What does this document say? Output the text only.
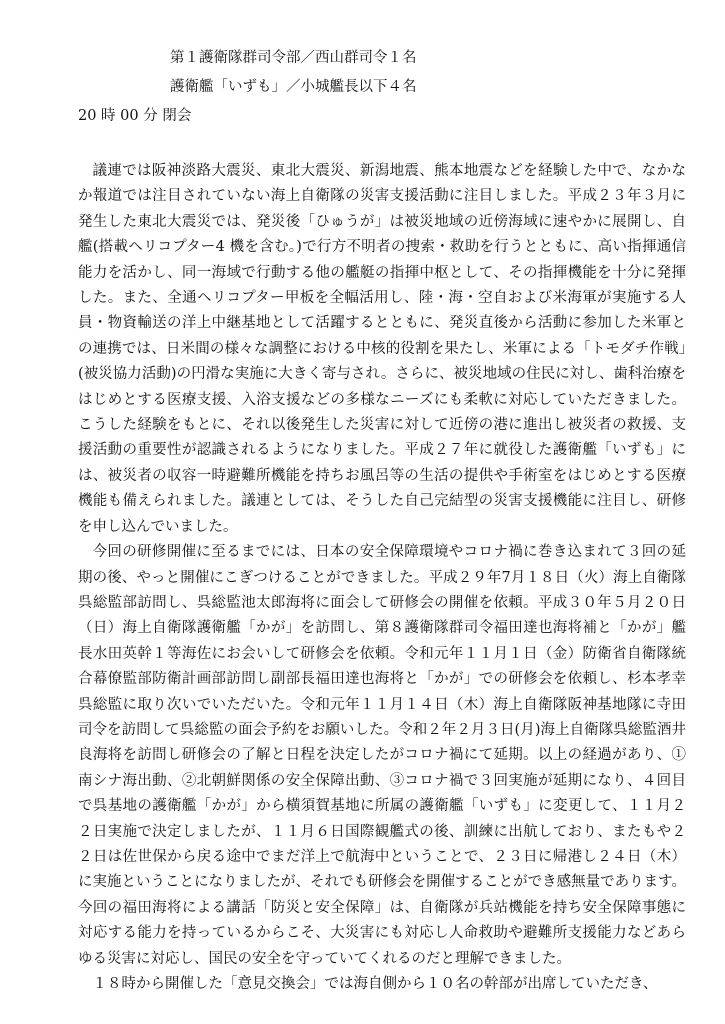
第１護衛隊群司令部／西山群司令１名
護衛艦「いずも」／小城艦長以下４名
20 時 00 分 閉会

議連では阪神淡路大震災、東北大震災、新潟地震、熊本地震などを経験した中で、なかなか報道では注目されていない海上自衛隊の災害支援活動に注目しました。平成２３年３月に発生した東北大震災では、発災後「ひゅうが」は被災地域の近傍海域に速やかに展開し、自艦(搭載ヘリコプター4 機を含む。)で行方不明者の捜索・救助を行うとともに、高い指揮通信能力を活かし、同一海域で行動する他の艦艇の指揮中枢として、その指揮機能を十分に発揮した。また、全通ヘリコプター甲板を全幅活用し、陸・海・空自および米海軍が実施する人員・物資輸送の洋上中継基地として活躍するとともに、発災直後から活動に参加した米軍との連携では、日米間の様々な調整における中核的役割を果たし、米軍による「トモダチ作戦」(被災協力活動)の円滑な実施に大きく寄与され。さらに、被災地域の住民に対し、歯科治療をはじめとする医療支援、入浴支援などの多様なニーズにも柔軟に対応していただきました。こうした経験をもとに、それ以後発生した災害に対して近傍の港に進出し被災者の救援、支援活動の重要性が認識されるようになりました。平成２７年に就役した護衛艦「いずも」には、被災者の収容一時避難所機能を持ちお風呂等の生活の提供や手術室をはじめとする医療機能も備えられました。議連としては、そうした自己完結型の災害支援機能に注目し、研修を申し込んでいました。

今回の研修開催に至るまでには、日本の安全保障環境やコロナ禍に巻き込まれて３回の延期の後、やっと開催にこぎつけることができました。平成２９年7月１８日（火）海上自衛隊呉総監部訪問し、呉総監池太郎海将に面会して研修会の開催を依頼。平成３０年５月２０日（日）海上自衛隊護衛艦「かが」を訪問し、第８護衛隊群司令福田達也海将補と「かが」艦長水田英幹１等海佐にお会いして研修会を依頼。令和元年１１月１日（金）防衛省自衛隊統合幕僚監部防衛計画部訪問し副部長福田達也海将と「かが」での研修会を依頼し、杉本孝幸呉総監に取り次いでいただいた。令和元年１１月１４日（木）海上自衛隊阪神基地隊に寺田司令を訪問して呉総監の面会予約をお願いした。令和２年２月３日(月)海上自衛隊呉総監酒井良海将を訪問し研修会の了解と日程を決定したがコロナ禍にて延期。以上の経過があり、①南シナ海出動、②北朝鮮関係の安全保障出動、③コロナ禍で３回実施が延期になり、４回目で呉基地の護衛艦「かが」から横須賀基地に所属の護衛艦「いずも」に変更して、１１月２２日実施で決定しましたが、１１月６日国際観艦式の後、訓練に出航しており、またもや２２日は佐世保から戻る途中でまだ洋上で航海中ということで、２３日に帰港し２４日（木）に実施ということになりましたが、それでも研修会を開催することができ感無量であります。今回の福田海将による講話「防災と安全保障」は、自衛隊が兵站機能を持ち安全保障事態に対応する能力を持っているからこそ、大災害にも対応し人命救助や避難所支援能力などあらゆる災害に対応し、国民の安全を守っていてくれるのだと理解できました。

１８時から開催した「意見交換会」では海自側から１０名の幹部が出席していただき、
